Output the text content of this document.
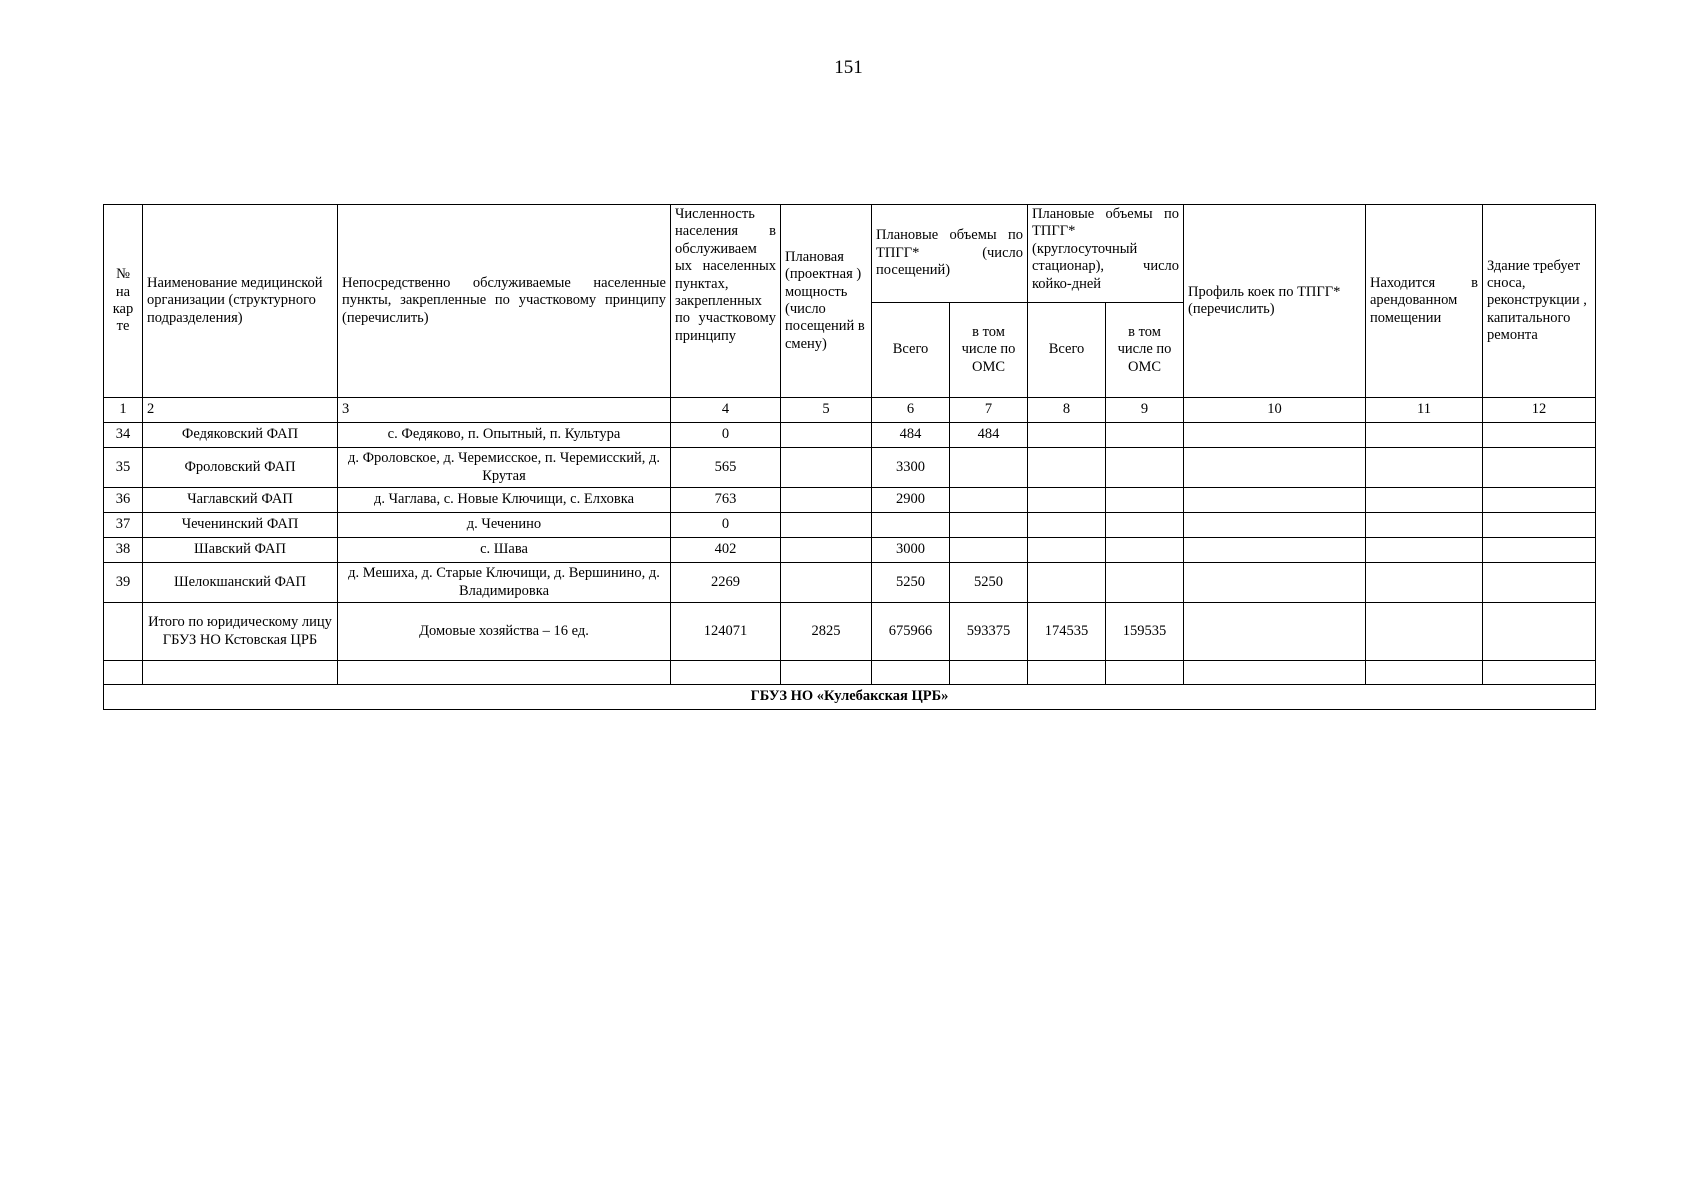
151
№ на кар те	Наименование медицинской организации (структурного подразделения)	Непосредственно обслуживаемые населенные пункты, закрепленные по участковому принципу (перечислить)	Численность населения в обслуживаем ых населенных пунктах, закрепленных по участковому принципу	Плановая (проектная ) мощность (число посещений в смену)	Плановые объемы по ТПГГ* (число посещений)		Плановые объемы по ТПГГ* (круглосуточный стационар), число койко-дней		Профиль коек по ТПГГ* (перечислить)	Находится в арендованном помещении	Здание требует сноса, реконструкции , капитального ремонта
					Всего	в том числе по ОМС	Всего	в том числе по ОМС			
1	2	3	4	5	6	7	8	9	10	11	12
34	Федяковский ФАП	с. Федяково, п. Опытный, п. Культура	0		484	484					
35	Фроловский ФАП	д. Фроловское, д. Черемисское, п. Черемисский, д. Крутая	565		3300						
36	Чаглавский ФАП	д. Чаглава, с. Новые Ключищи, с. Елховка	763		2900						
37	Чеченинский ФАП	д. Чеченино	0								
38	Шавский ФАП	с. Шава	402		3000						
39	Шелокшанский ФАП	д. Мешиха, д. Старые Ключищи, д. Вершинино, д. Владимировка	2269		5250	5250					
	Итого по юридическому лицу ГБУЗ НО Кстовская ЦРБ	Домовые хозяйства – 16 ед.	124071	2825	675966	593375	174535	159535			

ГБУЗ НО «Кулебакская ЦРБ»											
